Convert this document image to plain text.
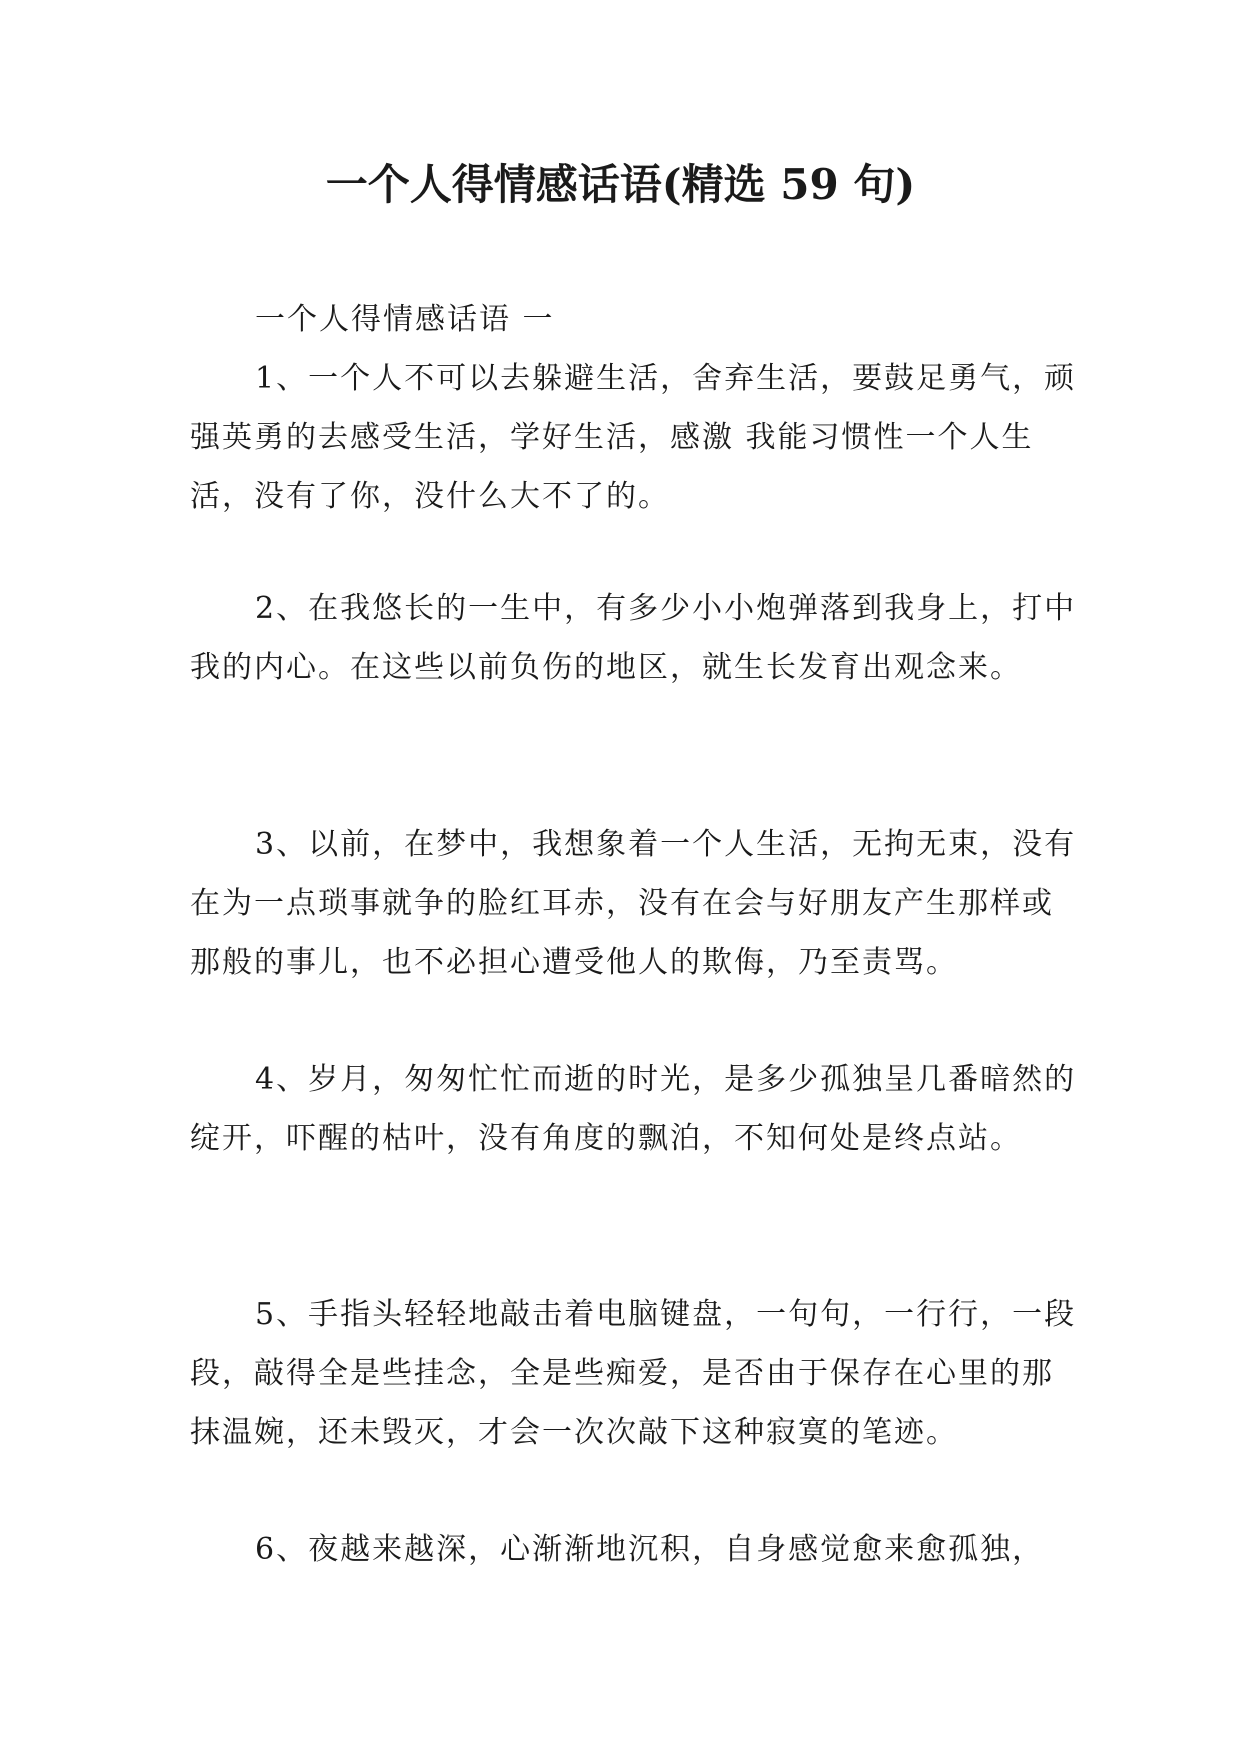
一个人得情感话语(精选 59 句)

一个人得情感话语 一

1、一个人不可以去躲避生活，舍弃生活，要鼓足勇气，顽强英勇的去感受生活，学好生活，感激 我能习惯性一个人生活，没有了你，没什么大不了的。

2、在我悠长的一生中，有多少小小炮弹落到我身上，打中我的内心。在这些以前负伤的地区，就生长发育出观念来。

3、以前，在梦中，我想象着一个人生活，无拘无束，没有在为一点琐事就争的脸红耳赤，没有在会与好朋友产生那样或那般的事儿，也不必担心遭受他人的欺侮，乃至责骂。

4、岁月，匆匆忙忙而逝的时光，是多少孤独呈几番暗然的绽开，吓醒的枯叶，没有角度的飘泊，不知何处是终点站。

5、手指头轻轻地敲击着电脑键盘，一句句，一行行，一段段，敲得全是些挂念，全是些痴爱，是否由于保存在心里的那抹温婉，还未毁灭，才会一次次敲下这种寂寞的笔迹。

6、夜越来越深，心渐渐地沉积，自身感觉愈来愈孤独，
